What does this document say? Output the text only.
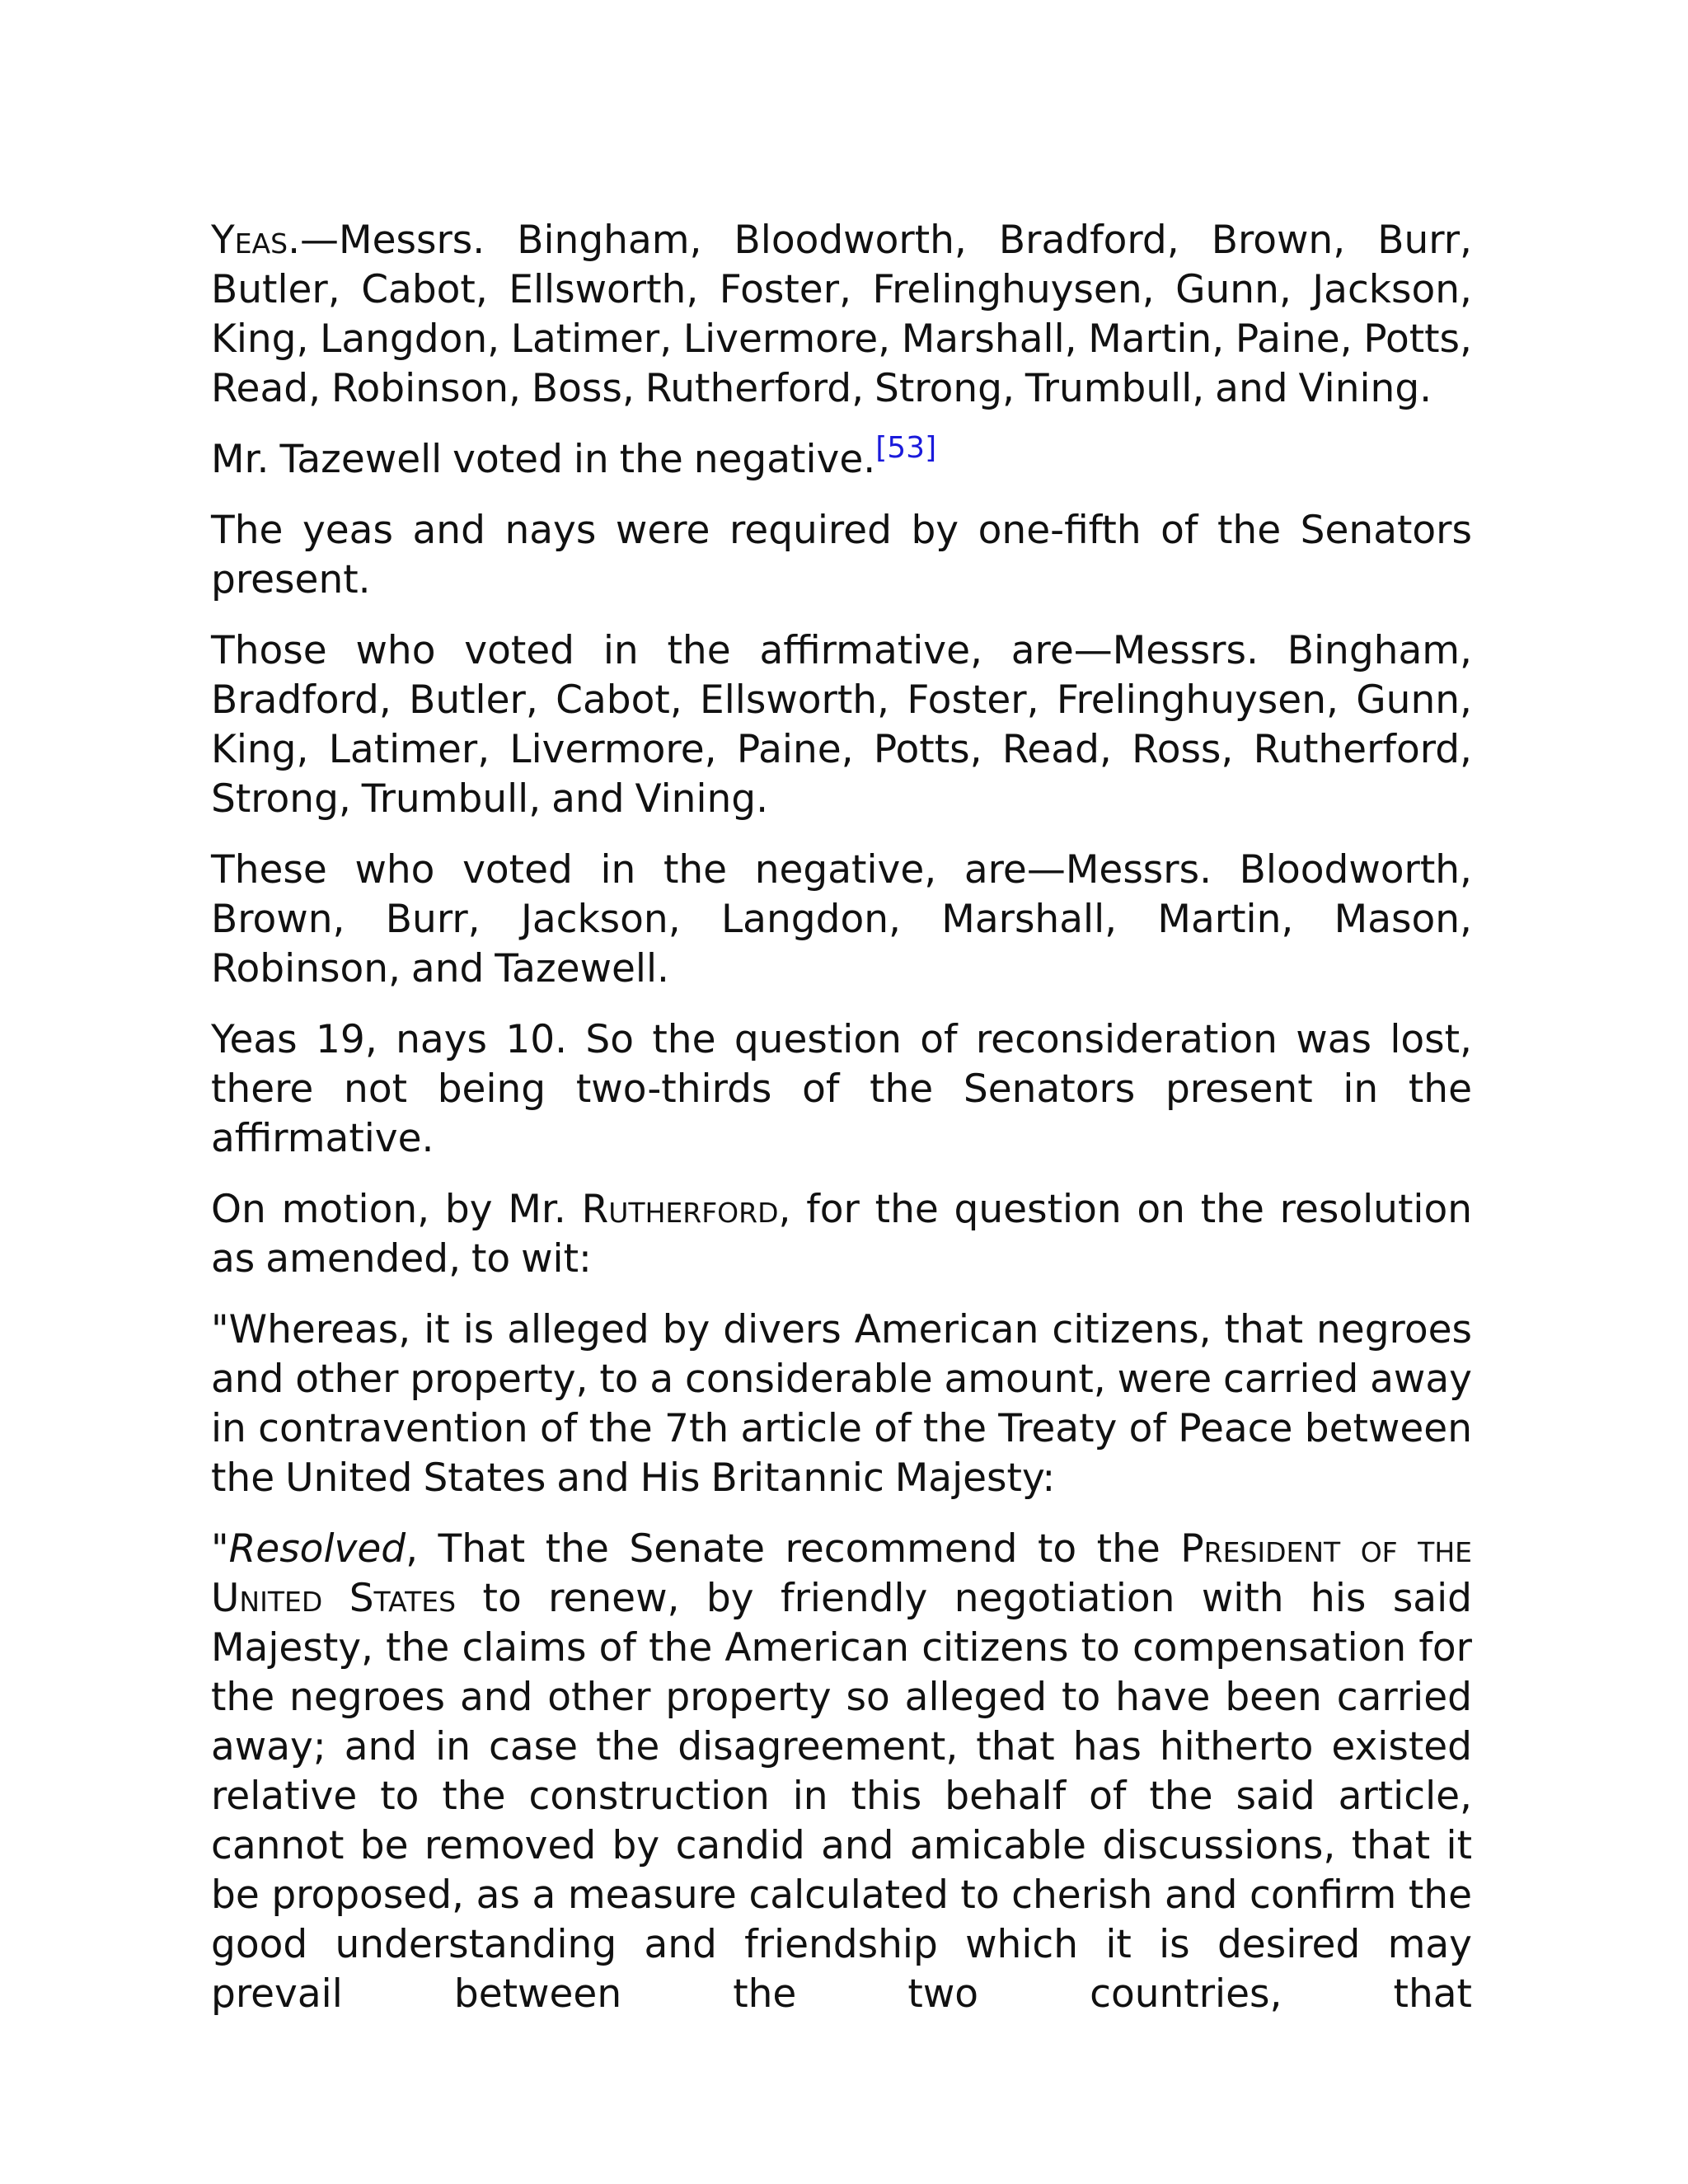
Yeas.—Messrs. Bingham, Bloodworth, Bradford, Brown, Burr, Butler, Cabot, Ellsworth, Foster, Frelinghuysen, Gunn, Jackson, King, Langdon, Latimer, Livermore, Marshall, Martin, Paine, Potts, Read, Robinson, Boss, Rutherford, Strong, Trumbull, and Vining.

Mr. Tazewell voted in the negative.[53]

The yeas and nays were required by one-fifth of the Senators present.

Those who voted in the affirmative, are—Messrs. Bingham, Bradford, Butler, Cabot, Ellsworth, Foster, Frelinghuysen, Gunn, King, Latimer, Livermore, Paine, Potts, Read, Ross, Rutherford, Strong, Trumbull, and Vining.

These who voted in the negative, are—Messrs. Bloodworth, Brown, Burr, Jackson, Langdon, Marshall, Martin, Mason, Robinson, and Tazewell.

Yeas 19, nays 10. So the question of reconsideration was lost, there not being two-thirds of the Senators present in the affirmative.

On motion, by Mr. Rutherford, for the question on the resolution as amended, to wit:

"Whereas, it is alleged by divers American citizens, that negroes and other property, to a considerable amount, were carried away in contravention of the 7th article of the Treaty of Peace between the United States and His Britannic Majesty:

"Resolved, That the Senate recommend to the President of the United States to renew, by friendly negotiation with his said Majesty, the claims of the American citizens to compensation for the negroes and other property so alleged to have been carried away; and in case the disagreement, that has hitherto existed relative to the construction in this behalf of the said article, cannot be removed by candid and amicable discussions, that it be proposed, as a measure calculated to cherish and confirm the good understanding and friendship which it is desired may prevail between the two countries, that
